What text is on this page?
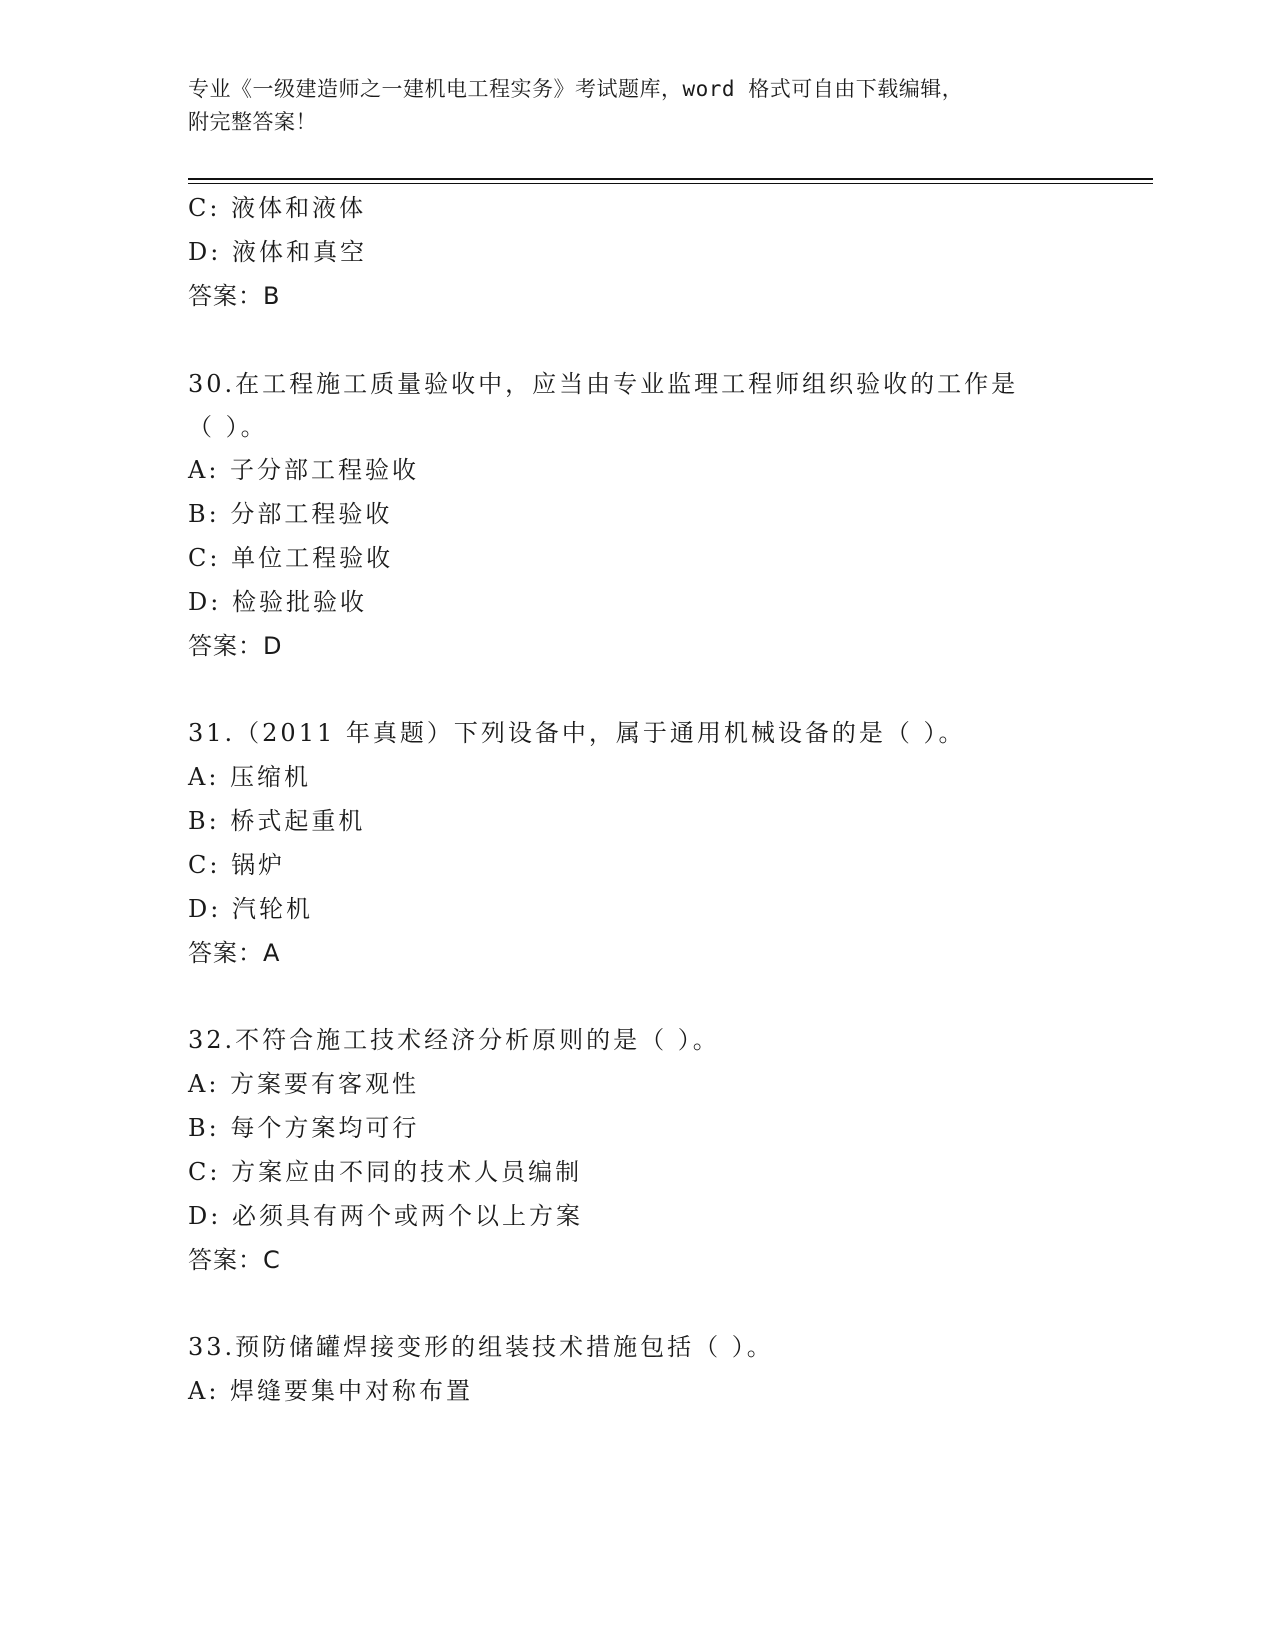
专业《一级建造师之一建机电工程实务》考试题库，word 格式可自由下载编辑，
附完整答案！
C: 液体和液体
D: 液体和真空
答案：B
30.在工程施工质量验收中，应当由专业监理工程师组织验收的工作是
（ ）。
A: 子分部工程验收
B: 分部工程验收
C: 单位工程验收
D: 检验批验收
答案：D
31.（2011 年真题）下列设备中，属于通用机械设备的是（ ）。
A: 压缩机
B: 桥式起重机
C: 锅炉
D: 汽轮机
答案：A
32.不符合施工技术经济分析原则的是（ ）。
A: 方案要有客观性
B: 每个方案均可行
C: 方案应由不同的技术人员编制
D: 必须具有两个或两个以上方案
答案：C
33.预防储罐焊接变形的组装技术措施包括（ ）。
A: 焊缝要集中对称布置
